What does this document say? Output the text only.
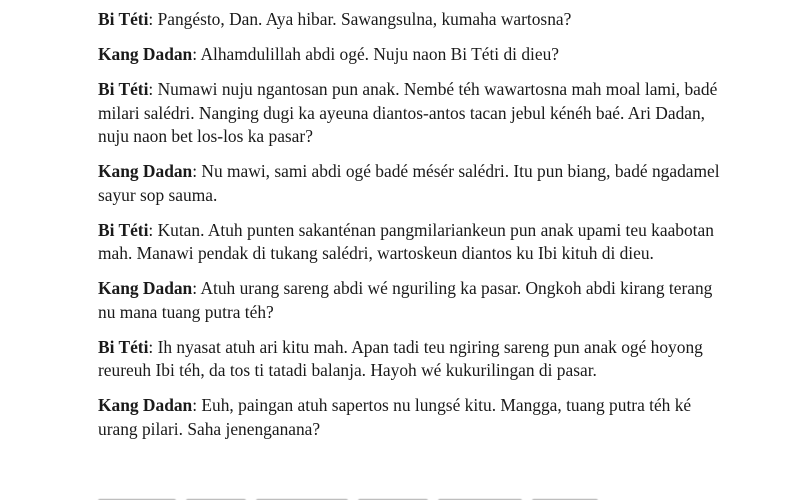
Bi Téti: Pangésto, Dan. Aya hibar. Sawangsulna, kumaha wartosna?

Kang Dadan: Alhamdulillah abdi ogé. Nuju naon Bi Téti di dieu?

Bi Téti: Numawi nuju ngantosan pun anak. Nembé téh wawartosna mah moal lami, badé milari salédri. Nanging dugi ka ayeuna diantos-antos tacan jebul kénéh baé. Ari Dadan, nuju naon bet los-los ka pasar?

Kang Dadan: Nu mawi, sami abdi ogé badé mésér salédri. Itu pun biang, badé ngadamel sayur sop sauma.

Bi Téti: Kutan. Atuh punten sakanténan pangmilariankeun pun anak upami teu kaabotan mah. Manawi pendak di tukang salédri, wartoskeun diantos ku Ibi kituh di dieu.

Kang Dadan: Atuh urang sareng abdi wé nguriling ka pasar. Ongkoh abdi kirang terang nu mana tuang putra téh?

Bi Téti: Ih nyasat atuh ari kitu mah. Apan tadi teu ngiring sareng pun anak ogé hoyong reureuh Ibi téh, da tos ti tatadi balanja. Hayoh wé kukurilingan di pasar.

Kang Dadan: Euh, paingan atuh sapertos nu lungsé kitu. Mangga, tuang putra téh ké urang pilari. Saha jenenganana?
